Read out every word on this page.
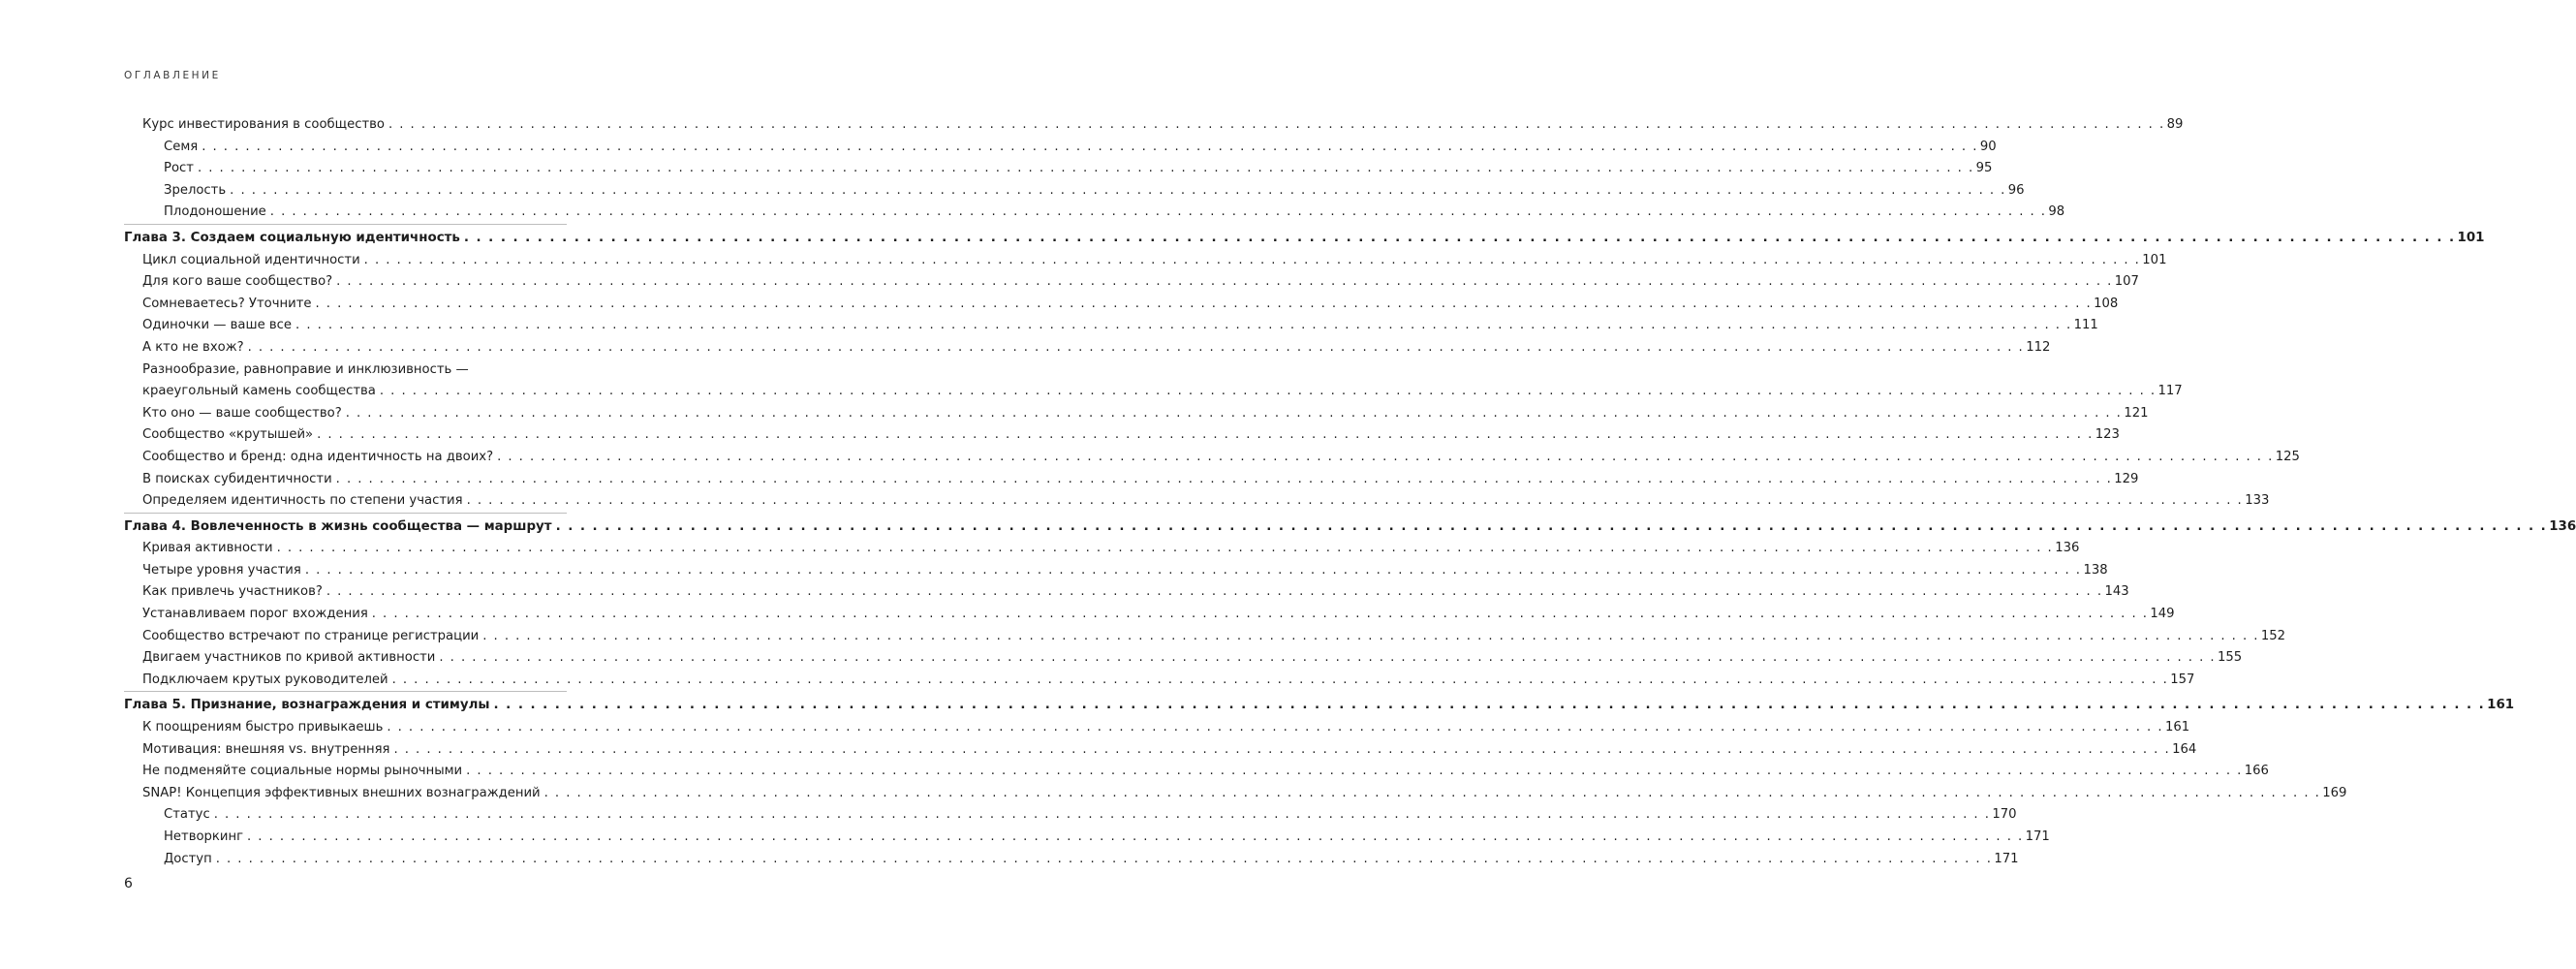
ОГЛАВЛЕНИЕ
Курс инвестирования в сообщество . . .	89
Семя . . .	90
Рост . . .	95
Зрелость . . .	96
Плодоношение . . .	98
Глава 3. Создаем социальную идентичность . . .	101
Цикл социальной идентичности . . .	101
Для кого ваше сообщество? . . .	107
Сомневаетесь? Уточните . . .	108
Одиночки — ваше все . . .	111
А кто не вхож? . . .	112
Разнообразие, равноправие и инклюзивность —
краеугольный камень сообщества . . .	117
Кто оно — ваше сообщество? . . .	121
Сообщество «крутышей» . . .	123
Сообщество и бренд: одна идентичность на двоих? . . .	125
В поисках субидентичности . . .	129
Определяем идентичность по степени участия . . .	133
Глава 4. Вовлеченность в жизнь сообщества — маршрут . . .	136
Кривая активности . . .	136
Четыре уровня участия . . .	138
Как привлечь участников? . . .	143
Устанавливаем порог вхождения . . .	149
Сообщество встречают по странице регистрации . . .	152
Двигаем участников по кривой активности . . .	155
Подключаем крутых руководителей . . .	157
Глава 5. Признание, вознаграждения и стимулы . . .	161
К поощрениям быстро привыкаешь . . .	161
Мотивация: внешняя vs. внутренняя . . .	164
Не подменяйте социальные нормы рыночными . . .	166
SNAP! Концепция эффективных внешних вознаграждений . . .	169
Статус . . .	170
Нетворкинг . . .	171
Доступ . . .	171
6
